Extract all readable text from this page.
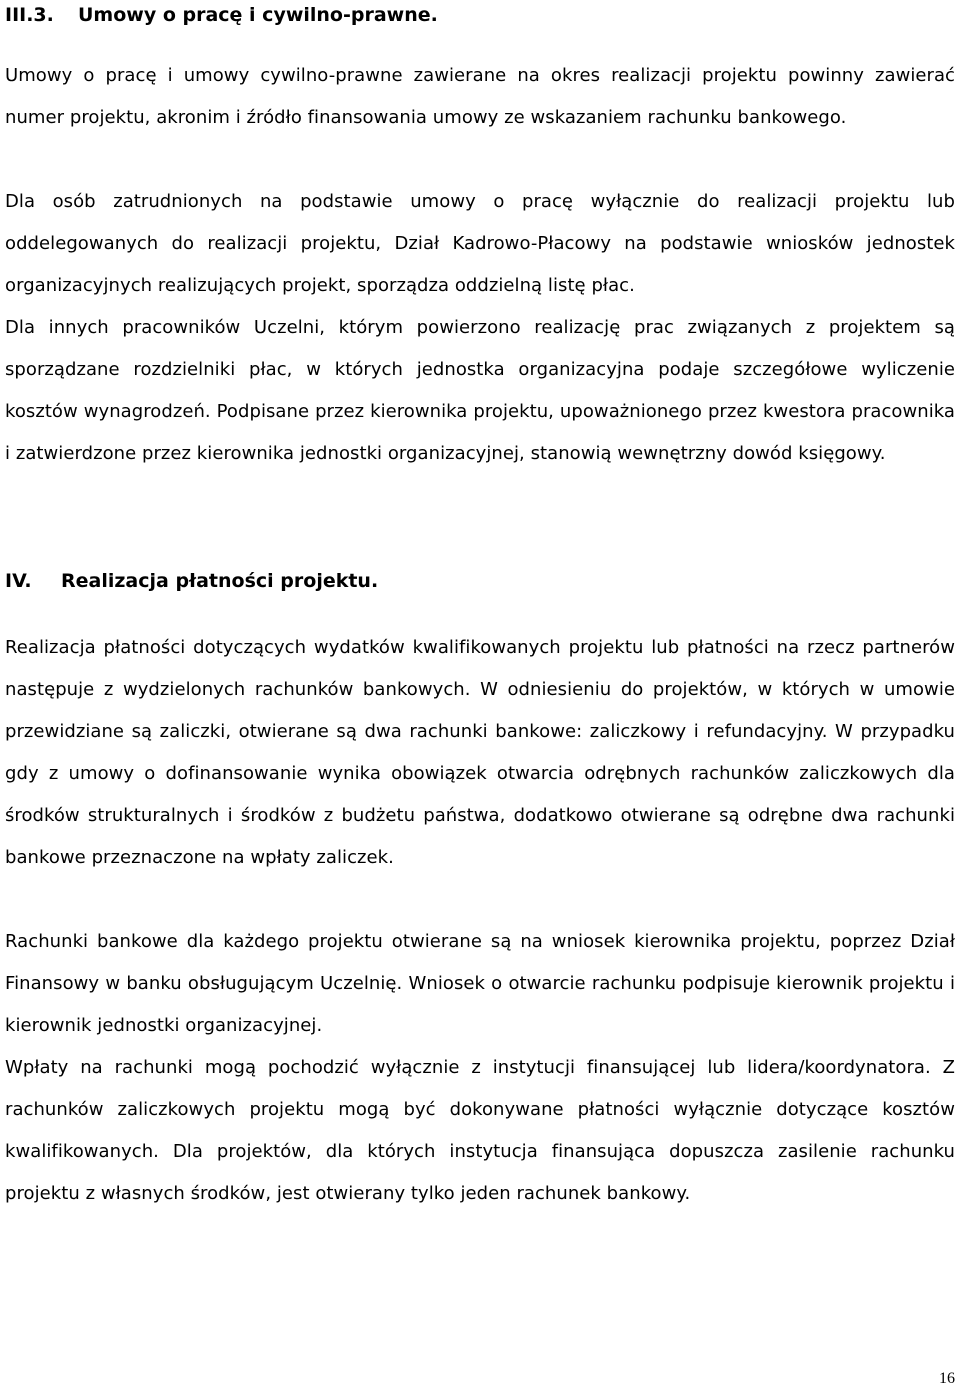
III.3. Umowy o pracę i cywilno-prawne.

Umowy o pracę i umowy cywilno-prawne zawierane na okres realizacji projektu powinny zawierać numer projektu, akronim i źródło finansowania umowy ze wskazaniem rachunku bankowego.

Dla osób zatrudnionych na podstawie umowy o pracę wyłącznie do realizacji projektu lub oddelegowanych do realizacji projektu, Dział Kadrowo-Płacowy na podstawie wniosków jednostek organizacyjnych realizujących projekt, sporządza oddzielną listę płac.

Dla innych pracowników Uczelni, którym powierzono realizację prac związanych z projektem są sporządzane rozdzielniki płac, w których jednostka organizacyjna podaje szczegółowe wyliczenie kosztów wynagrodzeń. Podpisane przez kierownika projektu, upoważnionego przez kwestora pracownika i zatwierdzone przez kierownika jednostki organizacyjnej, stanowią wewnętrzny dowód księgowy.

IV. Realizacja płatności projektu.

Realizacja płatności dotyczących wydatków kwalifikowanych projektu lub płatności na rzecz partnerów następuje z wydzielonych rachunków bankowych. W odniesieniu do projektów, w których w umowie przewidziane są zaliczki, otwierane są dwa rachunki bankowe: zaliczkowy i refundacyjny. W przypadku gdy z umowy o dofinansowanie wynika obowiązek otwarcia odrębnych rachunków zaliczkowych dla środków strukturalnych i środków z budżetu państwa, dodatkowo otwierane są odrębne dwa rachunki bankowe przeznaczone na wpłaty zaliczek.

Rachunki bankowe dla każdego projektu otwierane są na wniosek kierownika projektu, poprzez Dział Finansowy w banku obsługującym Uczelnię. Wniosek o otwarcie rachunku podpisuje kierownik projektu i kierownik jednostki organizacyjnej.

Wpłaty na rachunki mogą pochodzić wyłącznie z instytucji finansującej lub lidera/koordynatora. Z rachunków zaliczkowych projektu mogą być dokonywane płatności wyłącznie dotyczące kosztów kwalifikowanych. Dla projektów, dla których instytucja finansująca dopuszcza zasilenie rachunku projektu z własnych środków, jest otwierany tylko jeden rachunek bankowy.

16
